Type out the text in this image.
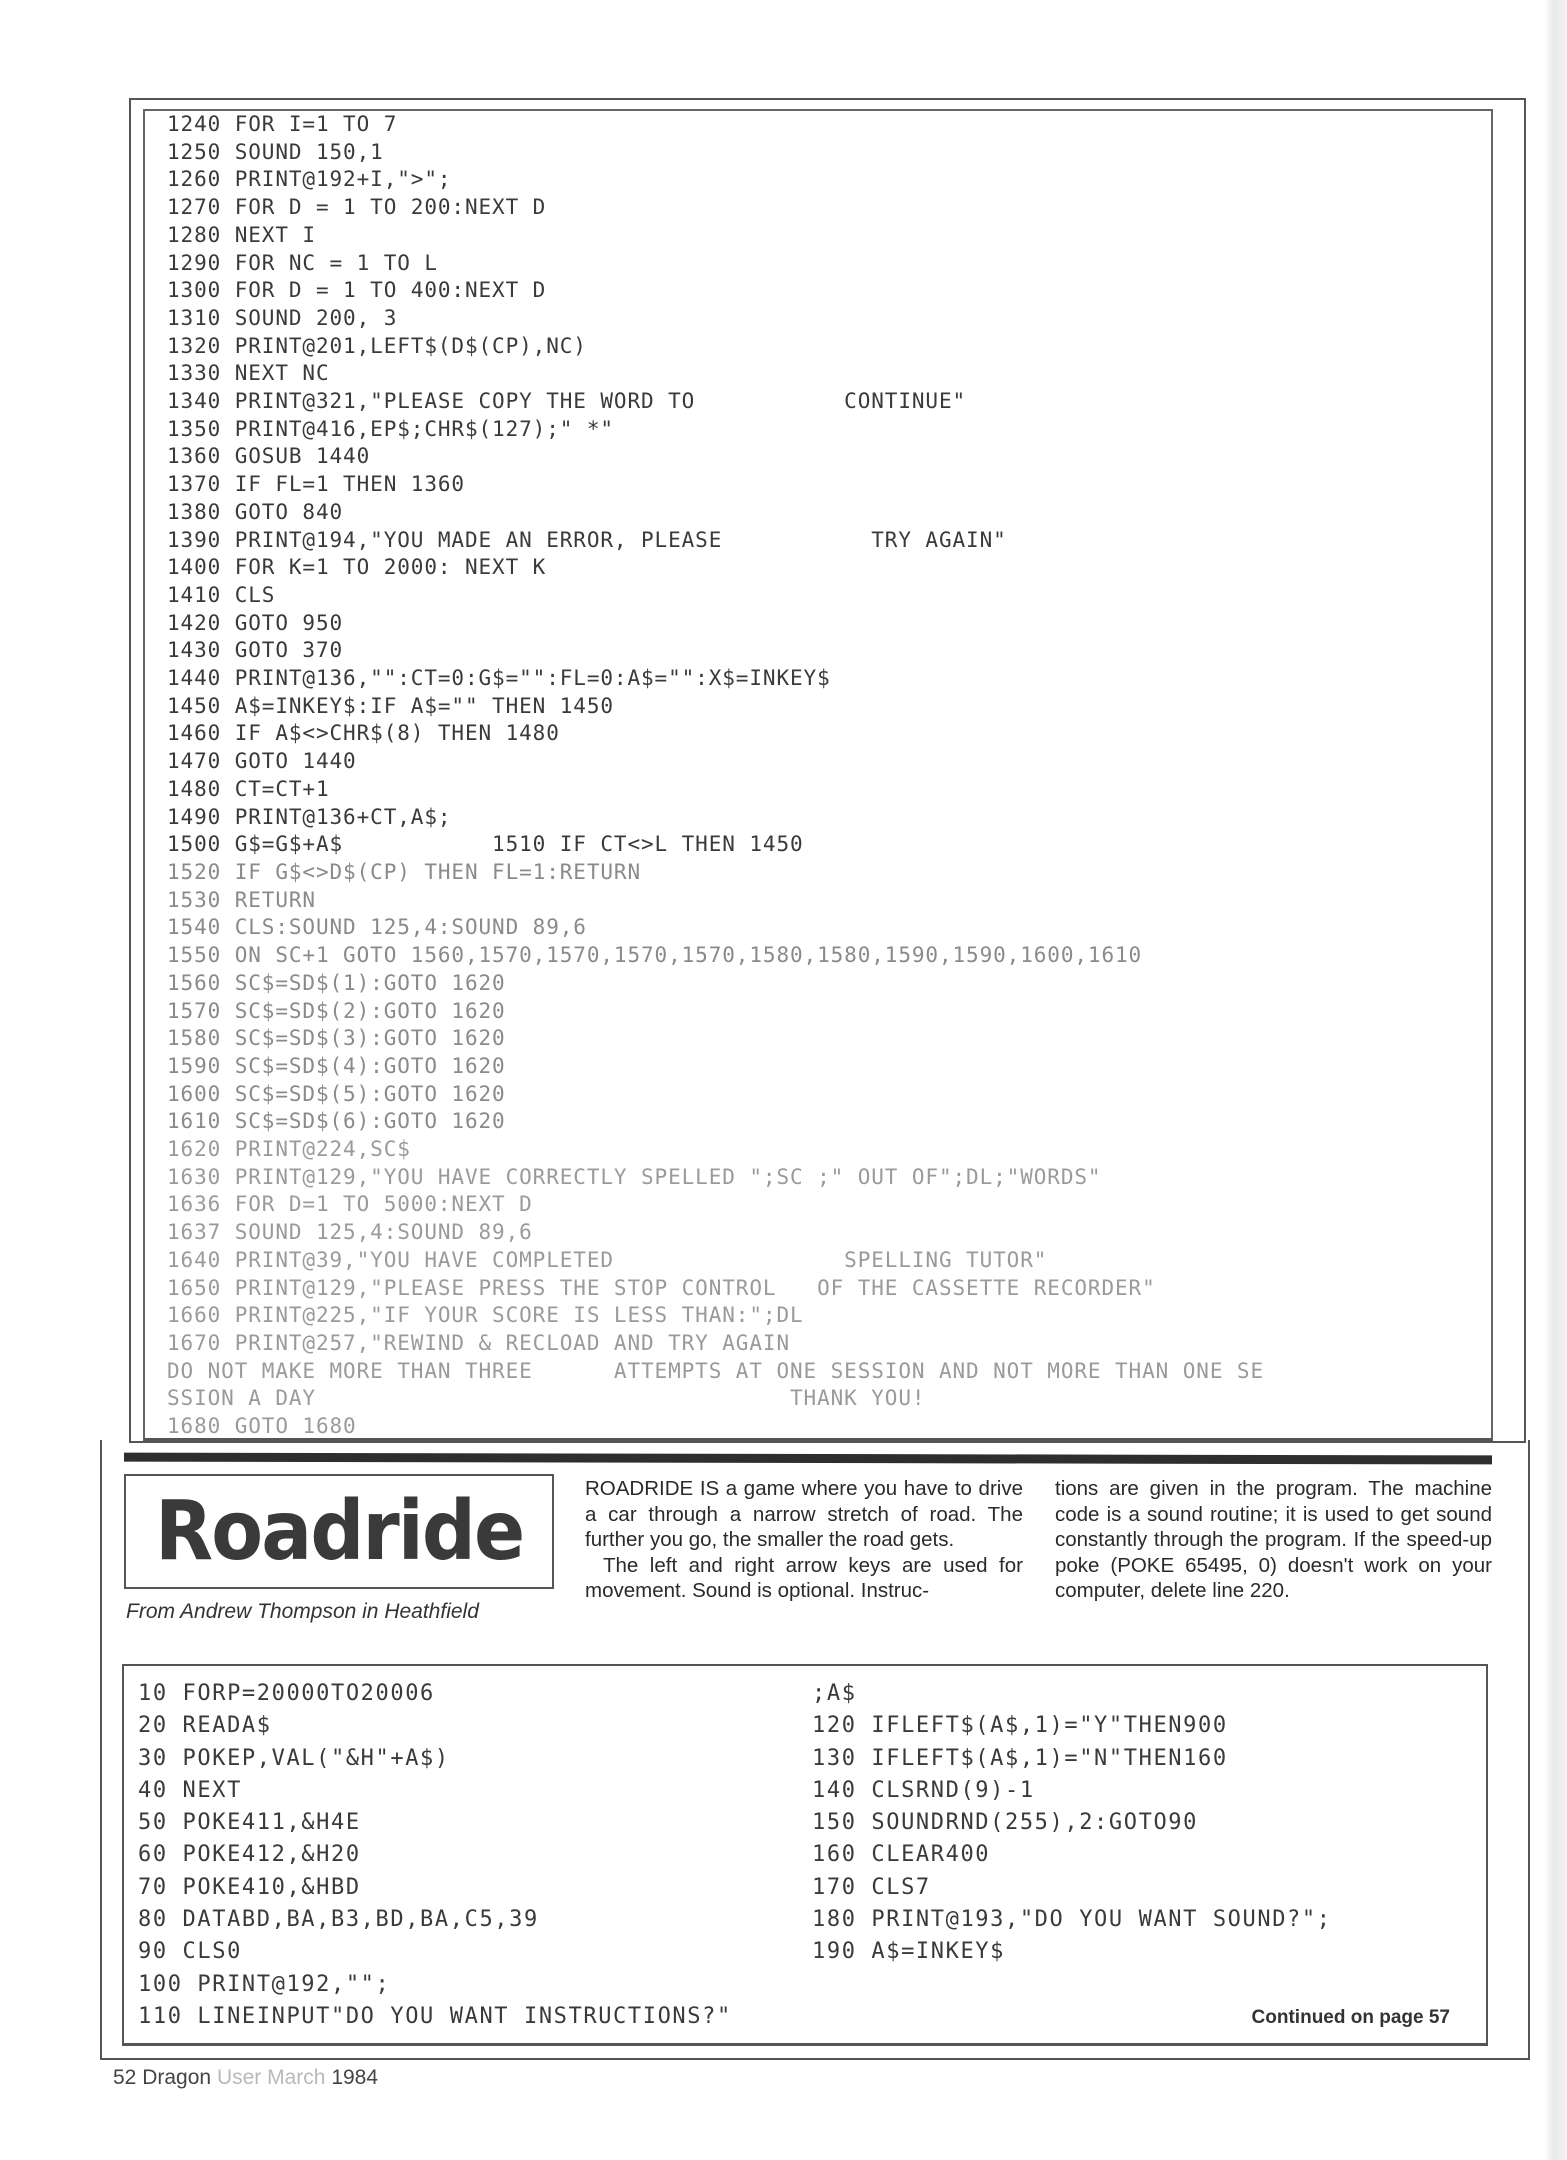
1240 FOR I=1 TO 7
1250 SOUND 150,1
1260 PRINT@192+I,">";
1270 FOR D = 1 TO 200:NEXT D
1280 NEXT I
1290 FOR NC = 1 TO L
1300 FOR D = 1 TO 400:NEXT D
1310 SOUND 200, 3
1320 PRINT@201,LEFT$(D$(CP),NC)
1330 NEXT NC
1340 PRINT@321,"PLEASE COPY THE WORD TO           CONTINUE"
1350 PRINT@416,EP$;CHR$(127);" *"
1360 GOSUB 1440
1370 IF FL=1 THEN 1360
1380 GOTO 840
1390 PRINT@194,"YOU MADE AN ERROR, PLEASE           TRY AGAIN"
1400 FOR K=1 TO 2000: NEXT K
1410 CLS
1420 GOTO 950
1430 GOTO 370
1440 PRINT@136,"":CT=0:G$="":FL=0:A$="":X$=INKEY$
1450 A$=INKEY$:IF A$="" THEN 1450
1460 IF A$<>CHR$(8) THEN 1480
1470 GOTO 1440
1480 CT=CT+1
1490 PRINT@136+CT,A$;
1500 G$=G$+A$           1510 IF CT<>L THEN 1450
1520 IF G$<>D$(CP) THEN FL=1:RETURN
1530 RETURN
1540 CLS:SOUND 125,4:SOUND 89,6
1550 ON SC+1 GOTO 1560,1570,1570,1570,1570,1580,1580,1590,1590,1600,1610
1560 SC$=SD$(1):GOTO 1620
1570 SC$=SD$(2):GOTO 1620
1580 SC$=SD$(3):GOTO 1620
1590 SC$=SD$(4):GOTO 1620
1600 SC$=SD$(5):GOTO 1620
1610 SC$=SD$(6):GOTO 1620
1620 PRINT@224,SC$
1630 PRINT@129,"YOU HAVE CORRECTLY SPELLED ";SC ;" OUT OF";DL;"WORDS"
1636 FOR D=1 TO 5000:NEXT D
1637 SOUND 125,4:SOUND 89,6
1640 PRINT@39,"YOU HAVE COMPLETED                 SPELLING TUTOR"
1650 PRINT@129,"PLEASE PRESS THE STOP CONTROL   OF THE CASSETTE RECORDER"
1660 PRINT@225,"IF YOUR SCORE IS LESS THAN:";DL
1670 PRINT@257,"REWIND & RECLOAD AND TRY AGAIN
DO NOT MAKE MORE THAN THREE      ATTEMPTS AT ONE SESSION AND NOT MORE THAN ONE SE
SSION A DAY                                   THANK YOU!
1680 GOTO 1680
Roadride
From Andrew Thompson in Heathfield

ROADRIDE IS a game where you have to drive a car through a narrow stretch of road. The further you go, the smaller the road gets.

The left and right arrow keys are used for movement. Sound is optional. Instruc-

tions are given in the program. The machine code is a sound routine; it is used to get sound constantly through the program. If the speed-up poke (POKE 65495, 0) doesn't work on your computer, delete line 220.

10 FORP=20000TO20006
20 READA$
30 POKEP,VAL("&H"+A$)
40 NEXT
50 POKE411,&H4E
60 POKE412,&H20
70 POKE410,&HBD
80 DATABD,BA,B3,BD,BA,C5,39
90 CLS0
100 PRINT@192,"";
110 LINEINPUT"DO YOU WANT INSTRUCTIONS?"
;A$
120 IFLEFT$(A$,1)="Y"THEN900
130 IFLEFT$(A$,1)="N"THEN160
140 CLSRND(9)-1
150 SOUNDRND(255),2:GOTO90
160 CLEAR400
170 CLS7
180 PRINT@193,"DO YOU WANT SOUND?";
190 A$=INKEY$
Continued on page 57
52 Dragon User March 1984
